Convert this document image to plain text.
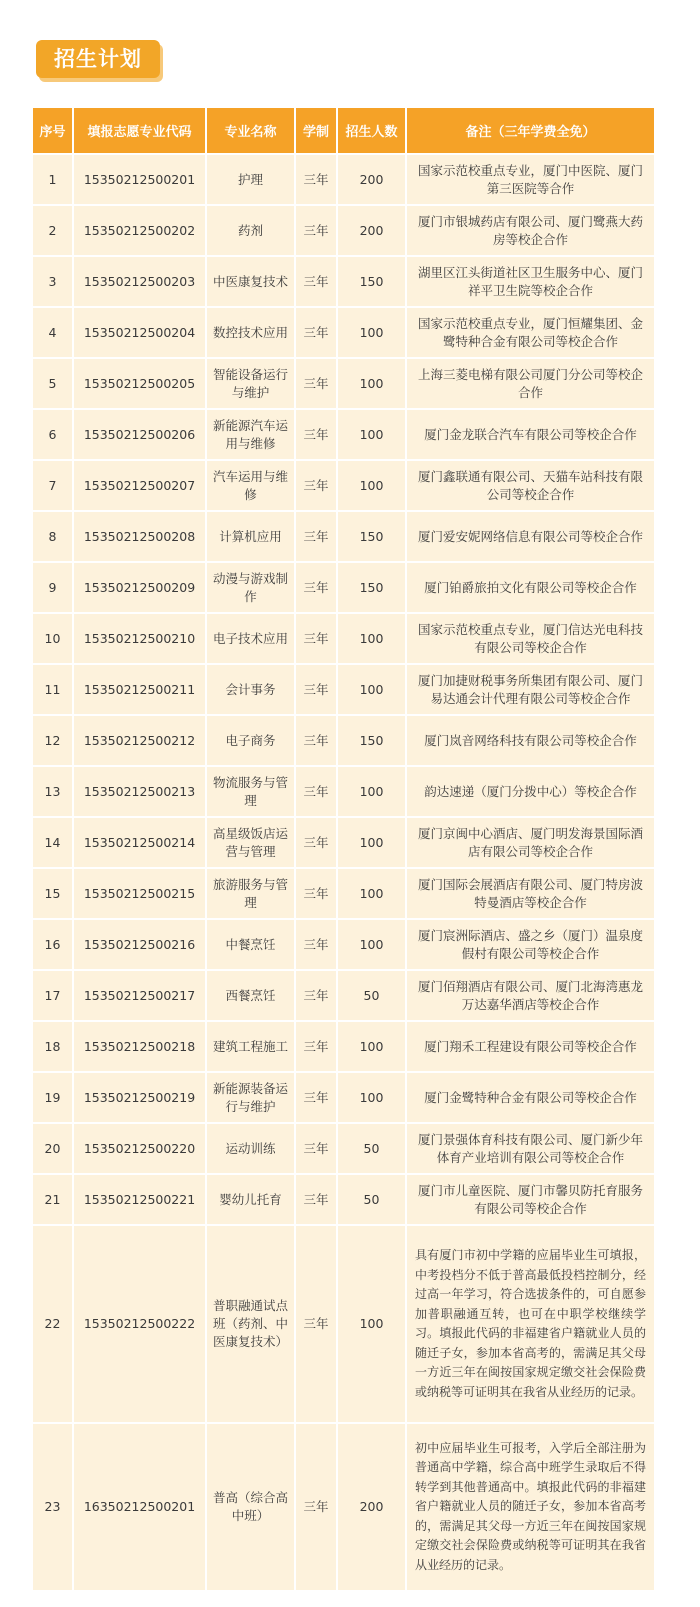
招生计划
序号	填报志愿专业代码	专业名称	学制	招生人数	备注（三年学费全免）
1	15350212500201	护理	三年	200	国家示范校重点专业，厦门中医院、厦门第三医院等合作
2	15350212500202	药剂	三年	200	厦门市银城药店有限公司、厦门鹭燕大药房等校企合作
3	15350212500203	中医康复技术	三年	150	湖里区江头街道社区卫生服务中心、厦门祥平卫生院等校企合作
4	15350212500204	数控技术应用	三年	100	国家示范校重点专业，厦门恒耀集团、金鹭特种合金有限公司等校企合作
5	15350212500205	智能设备运行与维护	三年	100	上海三菱电梯有限公司厦门分公司等校企合作
6	15350212500206	新能源汽车运用与维修	三年	100	厦门金龙联合汽车有限公司等校企合作
7	15350212500207	汽车运用与维修	三年	100	厦门鑫联通有限公司、天猫车站科技有限公司等校企合作
8	15350212500208	计算机应用	三年	150	厦门爱安妮网络信息有限公司等校企合作
9	15350212500209	动漫与游戏制作	三年	150	厦门铂爵旅拍文化有限公司等校企合作
10	15350212500210	电子技术应用	三年	100	国家示范校重点专业，厦门信达光电科技有限公司等校企合作
11	15350212500211	会计事务	三年	100	厦门加捷财税事务所集团有限公司、厦门易达通会计代理有限公司等校企合作
12	15350212500212	电子商务	三年	150	厦门岚音网络科技有限公司等校企合作
13	15350212500213	物流服务与管理	三年	100	韵达速递（厦门分拨中心）等校企合作
14	15350212500214	高星级饭店运营与管理	三年	100	厦门京闽中心酒店、厦门明发海景国际酒店有限公司等校企合作
15	15350212500215	旅游服务与管理	三年	100	厦门国际会展酒店有限公司、厦门特房波特曼酒店等校企合作
16	15350212500216	中餐烹饪	三年	100	厦门宸洲际酒店、盛之乡（厦门）温泉度假村有限公司等校企合作
17	15350212500217	西餐烹饪	三年	50	厦门佰翔酒店有限公司、厦门北海湾惠龙万达嘉华酒店等校企合作
18	15350212500218	建筑工程施工	三年	100	厦门翔禾工程建设有限公司等校企合作
19	15350212500219	新能源装备运行与维护	三年	100	厦门金鹭特种合金有限公司等校企合作
20	15350212500220	运动训练	三年	50	厦门景强体育科技有限公司、厦门新少年体育产业培训有限公司等校企合作
21	15350212500221	婴幼儿托育	三年	50	厦门市儿童医院、厦门市馨贝防托育服务有限公司等校企合作
22	15350212500222	普职融通试点班（药剂、中医康复技术）	三年	100	具有厦门市初中学籍的应届毕业生可填报，中考投档分不低于普高最低投档控制分，经过高一年学习，符合选拔条件的，可自愿参加普职融通互转，也可在中职学校继续学习。填报此代码的非福建省户籍就业人员的随迁子女，参加本省高考的，需满足其父母一方近三年在闽按国家规定缴交社会保险费或纳税等可证明其在我省从业经历的记录。
23	16350212500201	普高（综合高中班）	三年	200	初中应届毕业生可报考，入学后全部注册为普通高中学籍，综合高中班学生录取后不得转学到其他普通高中。填报此代码的非福建省户籍就业人员的随迁子女，参加本省高考的，需满足其父母一方近三年在闽按国家规定缴交社会保险费或纳税等可证明其在我省从业经历的记录。
